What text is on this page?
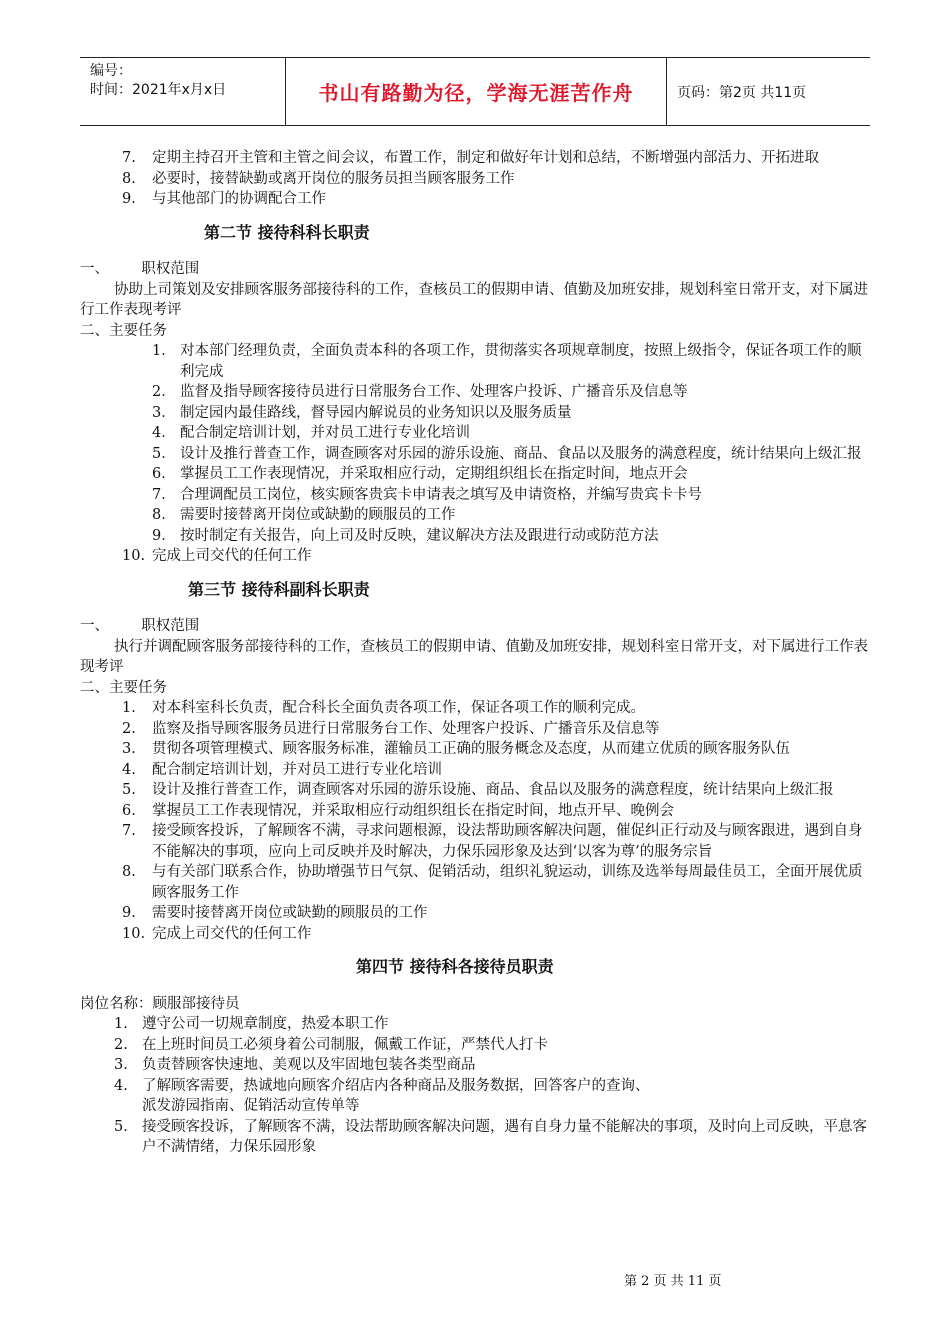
编号：
时间：2021年x月x日	书山有路勤为径，学海无涯苦作舟	页码：第2页 共11页
7.	定期主持召开主管和主管之间会议，布置工作，制定和做好年计划和总结，不断增强内部活力、开拓进取
8.	必要时，接替缺勤或离开岗位的服务员担当顾客服务工作
9.	与其他部门的协调配合工作
第二节 接待科科长职责
一、       职权范围
协助上司策划及安排顾客服务部接待科的工作，查核员工的假期申请、值勤及加班安排，规划科室日常开支，对下属进行工作表现考评
二、主要任务
1． 对本部门经理负责，全面负责本科的各项工作，贯彻落实各项规章制度，按照上级指令，保证各项工作的顺利完成
2． 监督及指导顾客接待员进行日常服务台工作、处理客户投诉、广播音乐及信息等
3． 制定园内最佳路线，督导园内解说员的业务知识以及服务质量
4． 配合制定培训计划，并对员工进行专业化培训
5． 设计及推行普查工作，调查顾客对乐园的游乐设施、商品、食品以及服务的满意程度，统计结果向上级汇报
6． 掌握员工工作表现情况，并采取相应行动，定期组织组长在指定时间，地点开会
7． 合理调配员工岗位，核实顾客贵宾卡申请表之填写及申请资格，并编写贵宾卡卡号
8． 需要时接替离开岗位或缺勤的顾服员的工作
9． 按时制定有关报告，向上司及时反映，建议解决方法及跟进行动或防范方法
10. 完成上司交代的任何工作
第三节 接待科副科长职责
一、       职权范围
执行并调配顾客服务部接待科的工作，查核员工的假期申请、值勤及加班安排，规划科室日常开支，对下属进行工作表现考评
二、主要任务
1.	对本科室科长负责，配合科长全面负责各项工作，保证各项工作的顺利完成。
2.	监察及指导顾客服务员进行日常服务台工作、处理客户投诉、广播音乐及信息等
3.	贯彻各项管理模式、顾客服务标准，灌输员工正确的服务概念及态度，从而建立优质的顾客服务队伍
4.	配合制定培训计划，并对员工进行专业化培训
5.	设计及推行普查工作，调查顾客对乐园的游乐设施、商品、食品以及服务的满意程度，统计结果向上级汇报
6.	掌握员工工作表现情况，并采取相应行动组织组长在指定时间，地点开早、晚例会
7.	接受顾客投诉，了解顾客不满，寻求问题根源，设法帮助顾客解决问题，催促纠正行动及与顾客跟进，遇到自身不能解决的事项，应向上司反映并及时解决，力保乐园形象及达到‘以客为尊’的服务宗旨
8.	与有关部门联系合作，协助增强节日气氛、促销活动，组织礼貌运动，训练及选举每周最佳员工，全面开展优质顾客服务工作
9.	需要时接替离开岗位或缺勤的顾服员的工作
10. 完成上司交代的任何工作
第四节 接待科各接待员职责
岗位名称：顾服部接待员
1. 遵守公司一切规章制度，热爱本职工作
2. 在上班时间员工必须身着公司制服，佩戴工作证，严禁代人打卡
3. 负责替顾客快速地、美观以及牢固地包装各类型商品
4. 了解顾客需要，热诚地向顾客介绍店内各种商品及服务数据，回答客户的查询、
派发游园指南、促销活动宣传单等
5. 接受顾客投诉，了解顾客不满，设法帮助顾客解决问题，遇有自身力量不能解决的事项，及时向上司反映，平息客户不满情绪，力保乐园形象
第 2 页 共 11 页
